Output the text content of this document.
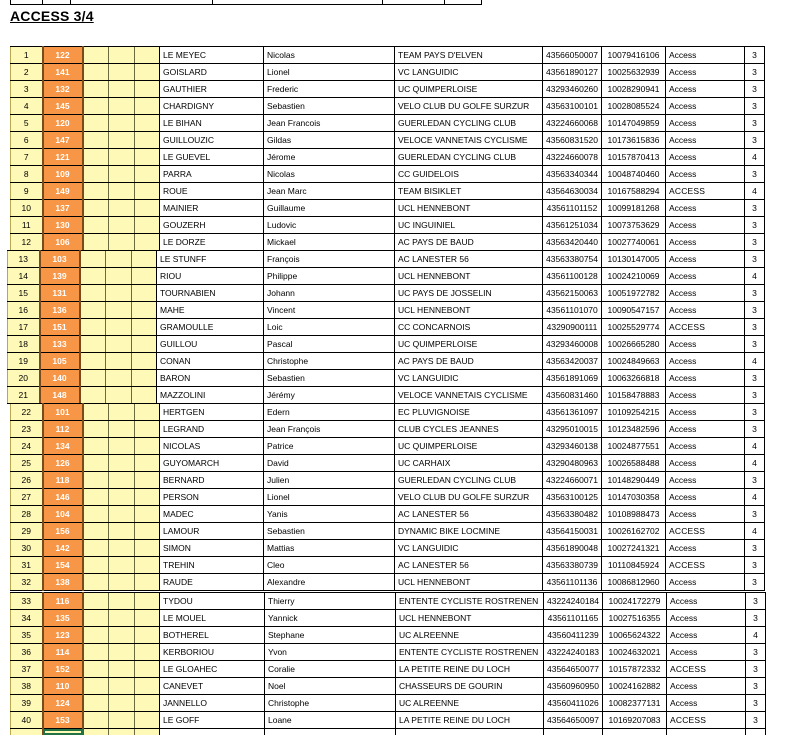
ACCESS 3/4
1	122				LE MEYEC	Nicolas	TEAM PAYS D'ELVEN	43566050007	10079416106	Access	3
2	141				GOISLARD	Lionel	VC LANGUIDIC	43561890127	10025632939	Access	3
3	132				GAUTHIER	Frederic	UC QUIMPERLOISE	43293460260	10028290941	Access	3
4	145				CHARDIGNY	Sebastien	VELO CLUB DU GOLFE SURZUR	43563100101	10028085524	Access	3
5	120				LE BIHAN	Jean Francois	GUERLEDAN CYCLING CLUB	43224660068	10147049859	Access	3
6	147				GUILLOUZIC	Gildas	VELOCE VANNETAIS CYCLISME	43560831520	10173615836	Access	3
7	121				LE GUEVEL	Jérome	GUERLEDAN CYCLING CLUB	43224660078	10157870413	Access	4
8	109				PARRA	Nicolas	CC GUIDELOIS	43563340344	10048740460	Access	3
9	149				ROUE	Jean Marc	TEAM BISIKLET	43564630034	10167588294	ACCESS	4
10	137				MAINIER	Guillaume	UCL HENNEBONT	43561101152	10099181268	Access	3
11	130				GOUZERH	Ludovic	UC INGUINIEL	43561251034	10073753629	Access	3
12	106				LE DORZE	Mickael	AC PAYS DE BAUD	43563420440	10027740061	Access	3
13	103				LE STUNFF	François	AC LANESTER 56	43563380754	10130147005	Access	3
14	139				RIOU	Philippe	UCL HENNEBONT	43561100128	10024210069	Access	4
15	131				TOURNABIEN	Johann	UC PAYS DE JOSSELIN	43562150063	10051972782	Access	3
16	136				MAHE	Vincent	UCL HENNEBONT	43561101070	10090547157	Access	3
17	151				GRAMOULLE	Loic	CC CONCARNOIS	43290900111	10025529774	ACCESS	3
18	133				GUILLOU	Pascal	UC QUIMPERLOISE	43293460008	10026665280	Access	3
19	105				CONAN	Christophe	AC PAYS DE BAUD	43563420037	10024849663	Access	4
20	140				BARON	Sebastien	VC LANGUIDIC	43561891069	10063266818	Access	3
21	148				MAZZOLINI	Jérémy	VELOCE VANNETAIS CYCLISME	43560831460	10158478883	Access	3
22	101				HERTGEN	Edern	EC PLUVIGNOISE	43561361097	10109254215	Access	3
23	112				LEGRAND	Jean François	CLUB CYCLES JEANNES	43295010015	10123482596	Access	3
24	134				NICOLAS	Patrice	UC QUIMPERLOISE	43293460138	10024877551	Access	4
25	126				GUYOMARCH	David	UC CARHAIX	43290480963	10026588488	Access	4
26	118				BERNARD	Julien	GUERLEDAN CYCLING CLUB	43224660071	10148290449	Access	3
27	146				PERSON	Lionel	VELO CLUB DU GOLFE SURZUR	43563100125	10147030358	Access	4
28	104				MADEC	Yanis	AC LANESTER 56	43563380482	10108988473	Access	3
29	156				LAMOUR	Sebastien	DYNAMIC BIKE LOCMINE	43564150031	10026162702	ACCESS	4
30	142				SIMON	Mattias	VC LANGUIDIC	43561890048	10027241321	Access	3
31	154				TREHIN	Cleo	AC LANESTER 56	43563380739	10110845924	ACCESS	3
32	138				RAUDE	Alexandre	UCL HENNEBONT	43561101136	10086812960	Access	3
33	116				TYDOU	Thierry	ENTENTE CYCLISTE ROSTRENEN	43224240184	10024172279	Access	3
34	135				LE MOUEL	Yannick	UCL HENNEBONT	43561101165	10027516355	Access	3
35	123				BOTHEREL	Stephane	UC ALREENNE	43560411239	10065624322	Access	4
36	114				KERBORIOU	Yvon	ENTENTE CYCLISTE ROSTRENEN	43224240183	10024632021	Access	3
37	152				LE GLOAHEC	Coralie	LA PETITE REINE DU LOCH	43564650077	10157872332	ACCESS	3
38	110				CANEVET	Noel	CHASSEURS DE GOURIN	43560960950	10024162882	Access	3
39	124				JANNELLO	Christophe	UC ALREENNE	43560411026	10082377131	Access	3
40	153				LE GOFF	Loane	LA PETITE REINE DU LOCH	43564650097	10169207083	ACCESS	3
